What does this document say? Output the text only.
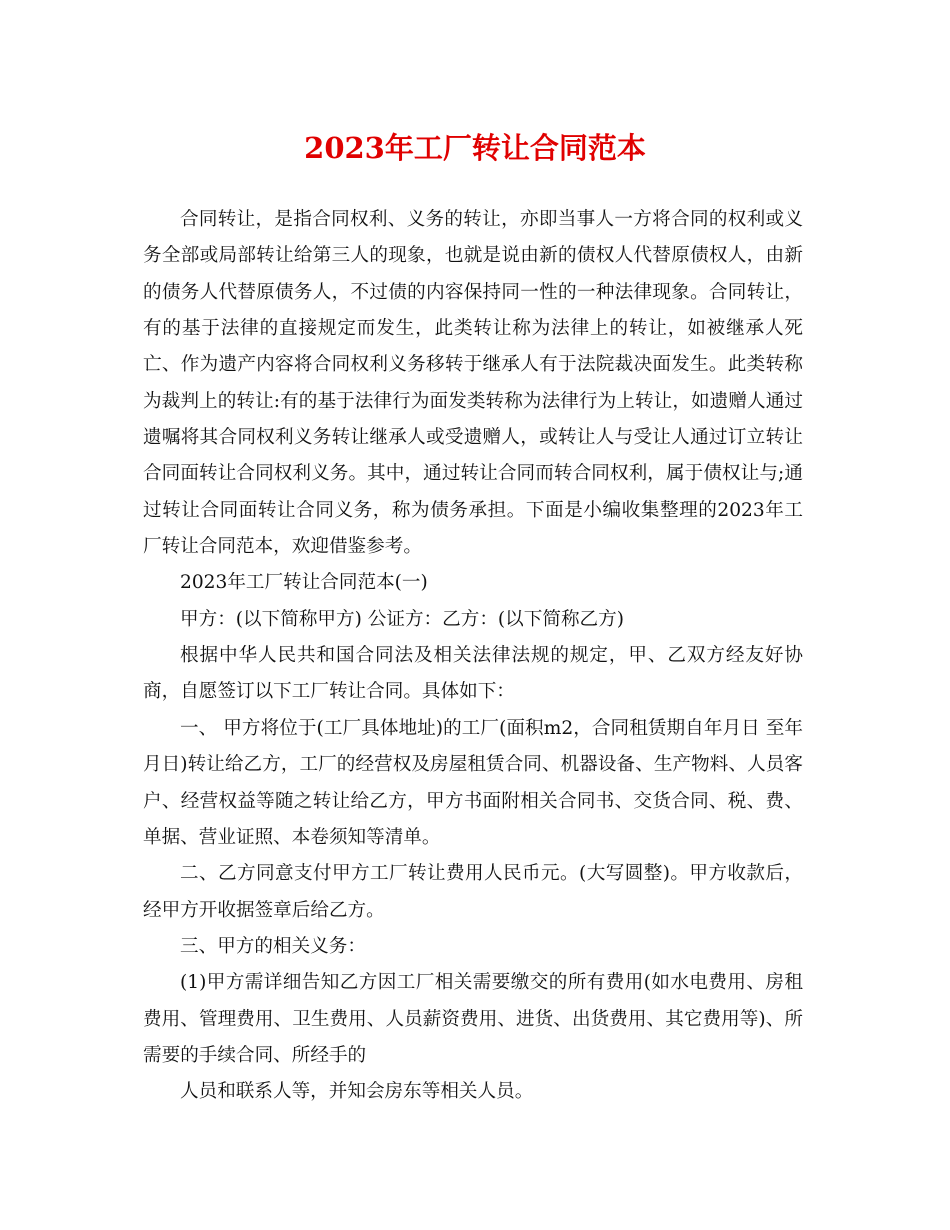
2023年工厂转让合同范本

合同转让，是指合同权利、义务的转让，亦即当事人一方将合同的权利或义务全部或局部转让给第三人的现象，也就是说由新的债权人代替原债权人，由新的债务人代替原债务人，不过债的内容保持同一性的一种法律现象。合同转让，有的基于法律的直接规定而发生，此类转让称为法律上的转让，如被继承人死亡、作为遗产内容将合同权利义务移转于继承人有于法院裁决面发生。此类转称为裁判上的转让:有的基于法律行为面发类转称为法律行为上转让，如遗赠人通过遗嘱将其合同权利义务转让继承人或受遗赠人，或转让人与受让人通过订立转让合同面转让合同权利义务。其中，通过转让合同而转合同权利，属于债权让与;通过转让合同面转让合同义务，称为债务承担。下面是小编收集整理的2023年工厂转让合同范本，欢迎借鉴参考。

2023年工厂转让合同范本(一)

甲方：(以下简称甲方) 公证方：乙方：(以下简称乙方)

根据中华人民共和国合同法及相关法律法规的规定，甲、乙双方经友好协商，自愿签订以下工厂转让合同。具体如下：

一、 甲方将位于(工厂具体地址)的工厂(面积m2，合同租赁期自年月日 至年月日)转让给乙方，工厂的经营权及房屋租赁合同、机器设备、生产物料、人员客户、经营权益等随之转让给乙方，甲方书面附相关合同书、交货合同、税、费、单据、营业证照、本卷须知等清单。

二、乙方同意支付甲方工厂转让费用人民币元。(大写圆整)。甲方收款后，经甲方开收据签章后给乙方。

三、甲方的相关义务：

(1)甲方需详细告知乙方因工厂相关需要缴交的所有费用(如水电费用、房租费用、管理费用、卫生费用、人员薪资费用、进货、出货费用、其它费用等)、所需要的手续合同、所经手的

人员和联系人等，并知会房东等相关人员。
